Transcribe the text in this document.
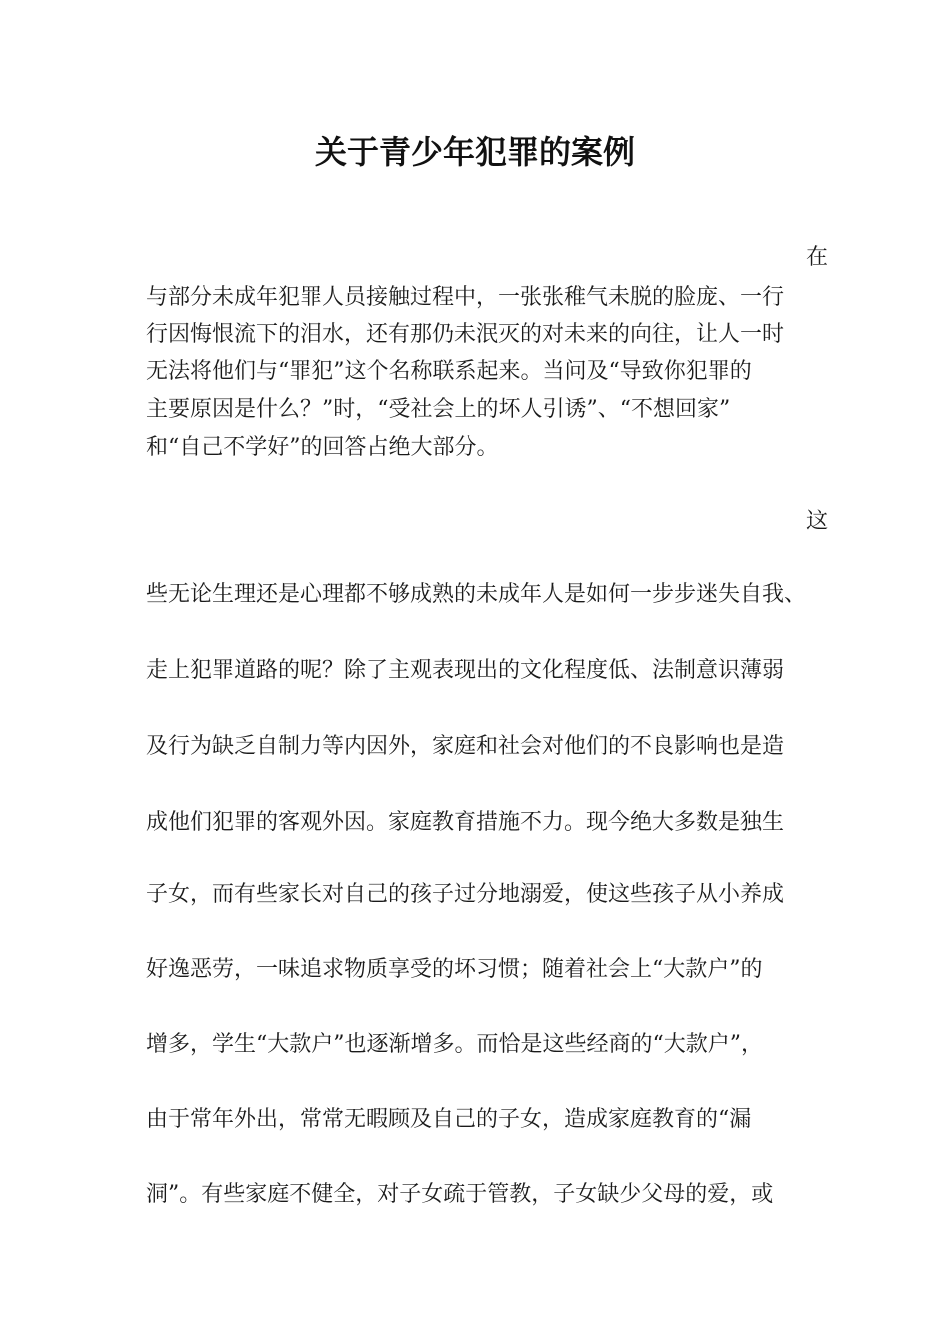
关于青少年犯罪的案例

在

与部分未成年犯罪人员接触过程中，一张张稚气未脱的脸庞、一行

行因悔恨流下的泪水，还有那仍未泯灭的对未来的向往，让人一时

无法将他们与“罪犯”这个名称联系起来。当问及“导致你犯罪的

主要原因是什么？”时，“受社会上的坏人引诱”、“不想回家”

和“自己不学好”的回答占绝大部分。

这

些无论生理还是心理都不够成熟的未成年人是如何一步步迷失自我、

走上犯罪道路的呢？除了主观表现出的文化程度低、法制意识薄弱

及行为缺乏自制力等内因外，家庭和社会对他们的不良影响也是造

成他们犯罪的客观外因。家庭教育措施不力。现今绝大多数是独生

子女，而有些家长对自己的孩子过分地溺爱，使这些孩子从小养成

好逸恶劳，一味追求物质享受的坏习惯；随着社会上“大款户”的

增多，学生“大款户”也逐渐增多。而恰是这些经商的“大款户”，

由于常年外出，常常无暇顾及自己的子女，造成家庭教育的“漏

洞”。有些家庭不健全，对子女疏于管教，子女缺少父母的爱，或
